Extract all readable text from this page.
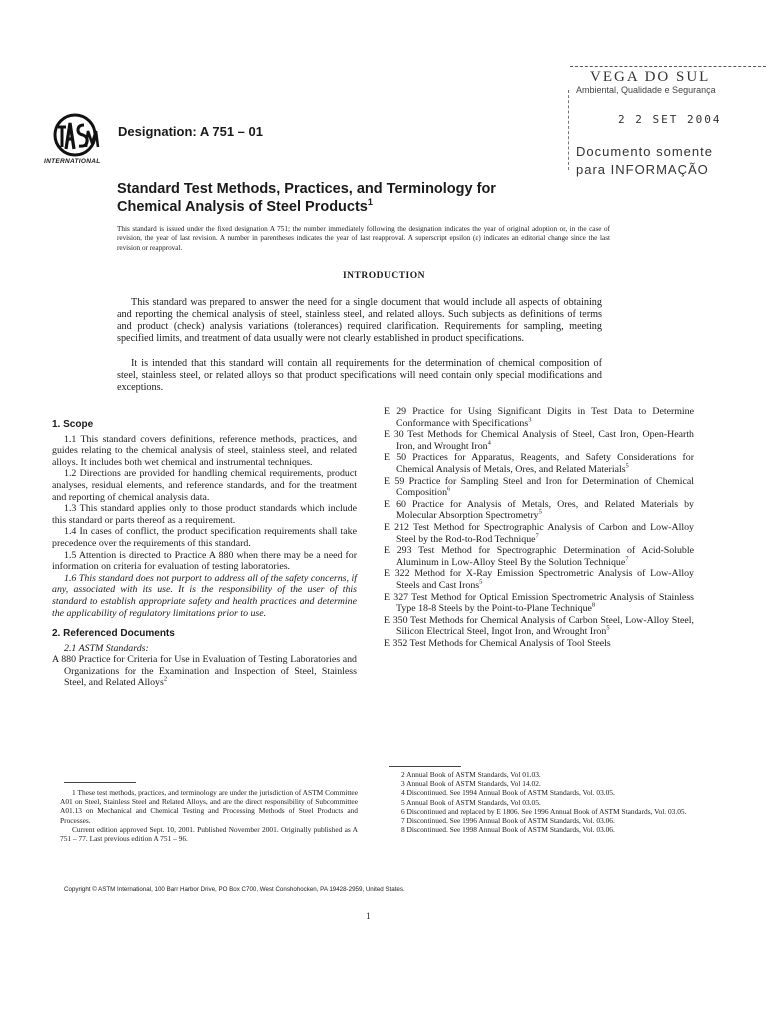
VEGA DO SUL
Ambiental, Qualidade e Segurança
2 2 SET 2004
Documento somente
para INFORMAÇÃO
INTERNATIONAL
Designation: A 751 – 01
Standard Test Methods, Practices, and Terminology for
Chemical Analysis of Steel Products$^1$
This standard is issued under the fixed designation A 751; the number immediately following the designation indicates the year of original adoption or, in the case of revision, the year of last revision. A number in parentheses indicates the year of last reapproval. A superscript epsilon (ε) indicates an editorial change since the last revision or reapproval.
INTRODUCTION
This standard was prepared to answer the need for a single document that would include all aspects of obtaining and reporting the chemical analysis of steel, stainless steel, and related alloys. Such subjects as definitions of terms and product (check) analysis variations (tolerances) required clarification. Requirements for sampling, meeting specified limits, and treatment of data usually were not clearly established in product specifications.
It is intended that this standard will contain all requirements for the determination of chemical composition of steel, stainless steel, or related alloys so that product specifications will need contain only special modifications and exceptions.

1. Scope

1.1 This standard covers definitions, reference methods, practices, and guides relating to the chemical analysis of steel, stainless steel, and related alloys. It includes both wet chemical and instrumental techniques.

1.2 Directions are provided for handling chemical requirements, product analyses, residual elements, and reference standards, and for the treatment and reporting of chemical analysis data.

1.3 This standard applies only to those product standards which include this standard or parts thereof as a requirement.

1.4 In cases of conflict, the product specification requirements shall take precedence over the requirements of this standard.

1.5 Attention is directed to Practice A 880 when there may be a need for information on criteria for evaluation of testing laboratories.

1.6 This standard does not purport to address all of the safety concerns, if any, associated with its use. It is the responsibility of the user of this standard to establish appropriate safety and health practices and determine the applicability of regulatory limitations prior to use.

2. Referenced Documents

2.1 ASTM Standards:

A 880 Practice for Criteria for Use in Evaluation of Testing Laboratories and Organizations for the Examination and Inspection of Steel, Stainless Steel, and Related Alloys$^2$

E 29 Practice for Using Significant Digits in Test Data to Determine Conformance with Specifications$^3$

E 30 Test Methods for Chemical Analysis of Steel, Cast Iron, Open-Hearth Iron, and Wrought Iron$^4$

E 50 Practices for Apparatus, Reagents, and Safety Considerations for Chemical Analysis of Metals, Ores, and Related Materials$^5$

E 59 Practice for Sampling Steel and Iron for Determination of Chemical Composition$^6$

E 60 Practice for Analysis of Metals, Ores, and Related Materials by Molecular Absorption Spectrometry$^5$

E 212 Test Method for Spectrographic Analysis of Carbon and Low-Alloy Steel by the Rod-to-Rod Technique$^7$

E 293 Test Method for Spectrographic Determination of Acid-Soluble Aluminum in Low-Alloy Steel By the Solution Technique$^7$

E 322 Method for X-Ray Emission Spectrometric Analysis of Low-Alloy Steels and Cast Irons$^5$

E 327 Test Method for Optical Emission Spectrometric Analysis of Stainless Type 18-8 Steels by the Point-to-Plane Technique$^8$

E 350 Test Methods for Chemical Analysis of Carbon Steel, Low-Alloy Steel, Silicon Electrical Steel, Ingot Iron, and Wrought Iron$^5$

E 352 Test Methods for Chemical Analysis of Tool Steels

1 These test methods, practices, and terminology are under the jurisdiction of ASTM Committee A01 on Steel, Stainless Steel and Related Alloys, and are the direct responsibility of Subcommittee A01.13 on Mechanical and Chemical Testing and Processing Methods of Steel Products and Processes.
Current edition approved Sept. 10, 2001. Published November 2001. Originally published as A 751 – 77. Last previous edition A 751 – 96.
2 Annual Book of ASTM Standards, Vol 01.03.
3 Annual Book of ASTM Standards, Vol 14.02.
4 Discontinued. See 1994 Annual Book of ASTM Standards, Vol. 03.05.
5 Annual Book of ASTM Standards, Vol 03.05.
6 Discontinued and replaced by E 1806. See 1996 Annual Book of ASTM Standards, Vol. 03.05.
7 Discontinued. See 1996 Annual Book of ASTM Standards, Vol. 03.06.
8 Discontinued. See 1998 Annual Book of ASTM Standards, Vol. 03.06.
Copyright © ASTM International, 100 Barr Harbor Drive, PO Box C700, West Conshohocken, PA 19428-2959, United States.
1
